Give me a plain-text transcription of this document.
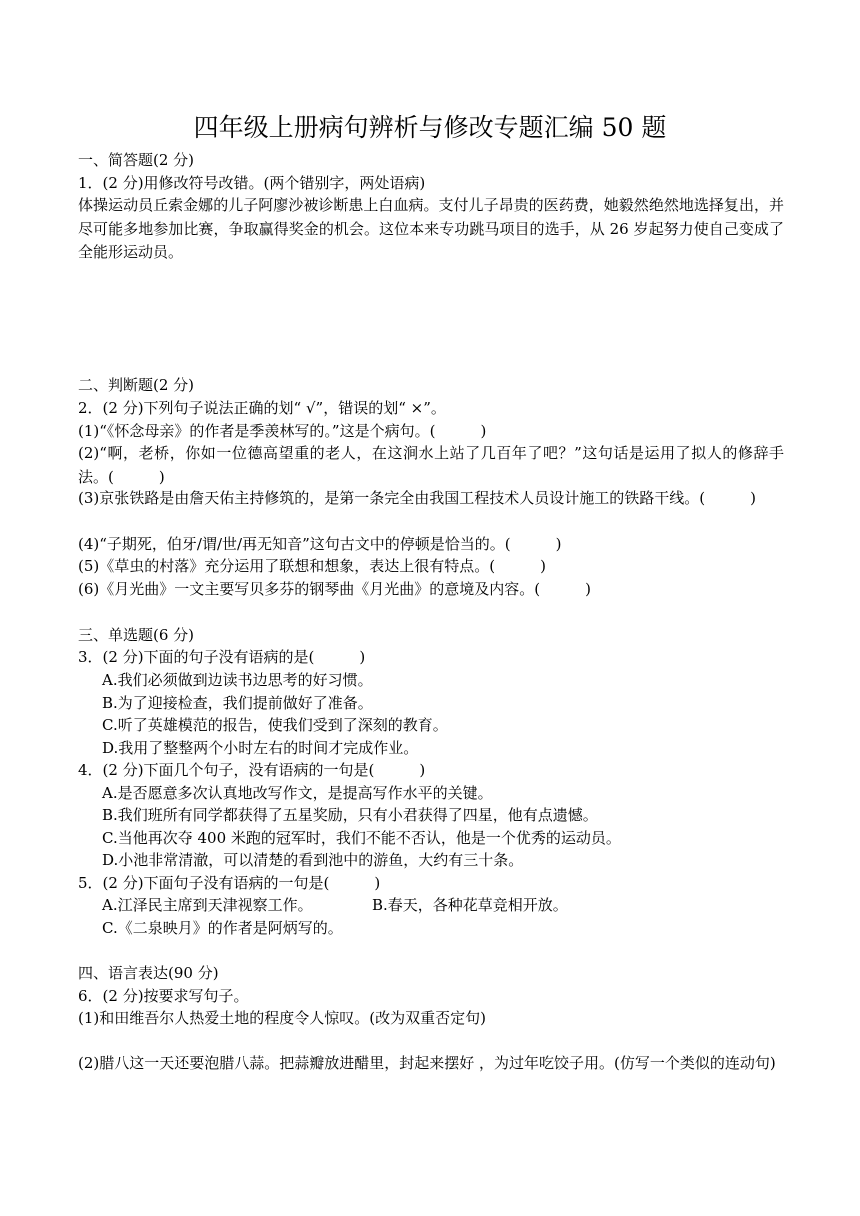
四年级上册病句辨析与修改专题汇编 50 题
一、简答题(2 分)
1．(2 分)用修改符号改错。(两个错别字，两处语病)
体操运动员丘索金娜的儿子阿廖沙被诊断患上白血病。支付儿子昂贵的医药费，她毅然绝然地选择复出，并尽可能多地参加比赛，争取赢得奖金的机会。这位本来专功跳马项目的选手，从 26 岁起努力使自己变成了全能形运动员。
二、判断题(2 分)
2．(2 分)下列句子说法正确的划“ √”，错误的划“ ×”。
(1)“《怀念母亲》的作者是季羡林写的。”这是个病句。(　　　)
(2)“啊，老桥，你如一位德高望重的老人，在这涧水上站了几百年了吧？”这句话是运用了拟人的修辞手法。(　　　)
(3)京张铁路是由詹天佑主持修筑的，是第一条完全由我国工程技术人员设计施工的铁路干线。(　　　)
(4)“子期死，伯牙/谓/世/再无知音”这句古文中的停顿是恰当的。(　　　)
(5)《草虫的村落》充分运用了联想和想象，表达上很有特点。(　　　)
(6)《月光曲》一文主要写贝多芬的钢琴曲《月光曲》的意境及内容。(　　　)
三、单选题(6 分)
3．(2 分)下面的句子没有语病的是(　　　)
A.我们必须做到边读书边思考的好习惯。
B.为了迎接检查，我们提前做好了准备。
C.听了英雄模范的报告，使我们受到了深刻的教育。
D.我用了整整两个小时左右的时间才完成作业。
4．(2 分)下面几个句子，没有语病的一句是(　　　)
A.是否愿意多次认真地改写作文，是提高写作水平的关键。
B.我们班所有同学都获得了五星奖励，只有小君获得了四星，他有点遗憾。
C.当他再次夺 400 米跑的冠军时，我们不能不否认，他是一个优秀的运动员。
D.小池非常清澈，可以清楚的看到池中的游鱼，大约有三十条。
5．(2 分)下面句子没有语病的一句是(　　　)
A.江泽民主席到天津视察工作。	B.春天，各种花草竞相开放。
C.《二泉映月》的作者是阿炳写的。
四、语言表达(90 分)
6．(2 分)按要求写句子。
(1)和田维吾尔人热爱土地的程度令人惊叹。(改为双重否定句)
(2)腊八这一天还要泡腊八蒜。把蒜瓣放进醋里，封起来摆好 ，为过年吃饺子用。(仿写一个类似的连动句)
